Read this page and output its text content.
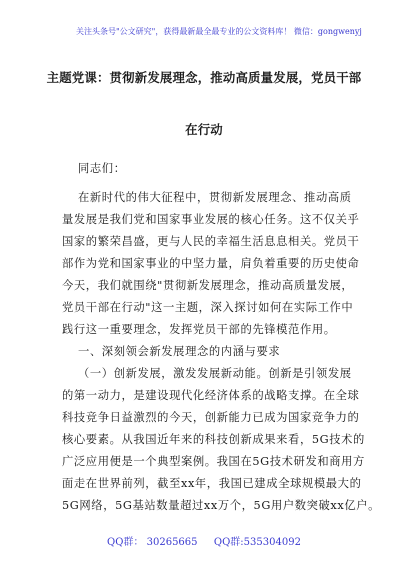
关注头条号"公文研究"，获得最新最全最专业的公文资料库！ 微信：gongwenyj
主题党课：贯彻新发展理念，推动高质量发展，党员干部
在行动
同志们：
在新时代的伟大征程中，贯彻新发展理念、推动高质
量发展是我们党和国家事业发展的核心任务。这不仅关乎
国家的繁荣昌盛，更与人民的幸福生活息息相关。党员干
部作为党和国家事业的中坚力量，肩负着重要的历史使命
今天，我们就围绕"贯彻新发展理念，推动高质量发展，
党员干部在行动"这一主题，深入探讨如何在实际工作中
践行这一重要理念，发挥党员干部的先锋模范作用。
一、深刻领会新发展理念的内涵与要求
（一）创新发展，激发发展新动能。创新是引领发展
的第一动力，是建设现代化经济体系的战略支撑。在全球
科技竞争日益激烈的今天，创新能力已成为国家竞争力的
核心要素。从我国近年来的科技创新成果来看，5G技术的
广泛应用便是一个典型案例。我国在5G技术研发和商用方
面走在世界前列，截至xx年，我国已建成全球规模最大的
5G网络，5G基站数量超过xx万个，5G用户数突破xx亿户。
QQ群： 30265665 QQ群:535304092
